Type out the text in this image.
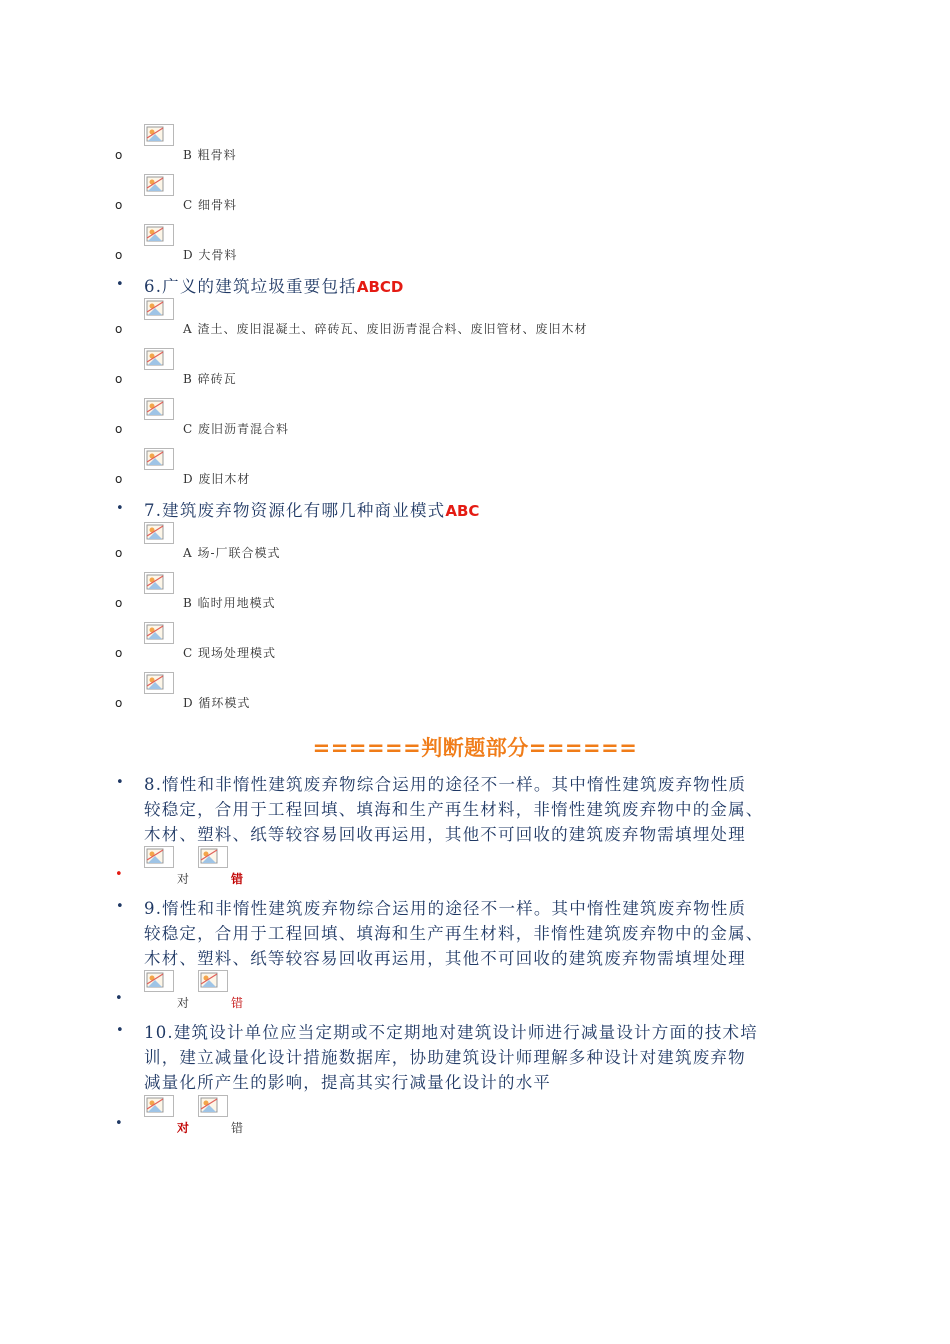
o	B 粗骨料
o	C 细骨料
o	D 大骨料
• 6.广义的建筑垃圾重要包括ABCD
o	A 渣土、废旧混凝土、碎砖瓦、废旧沥青混合料、废旧管材、废旧木材
o	B 碎砖瓦
o	C 废旧沥青混合料
o	D 废旧木材
• 7.建筑废弃物资源化有哪几种商业模式ABC
o	A 场-厂联合模式
o	B 临时用地模式
o	C 现场处理模式
o	D 循环模式
======判断题部分======
• 8.惰性和非惰性建筑废弃物综合运用的途径不一样。其中惰性建筑废弃物性质
较稳定，合用于工程回填、填海和生产再生材料，非惰性建筑废弃物中的金属、
木材、塑料、纸等较容易回收再运用，其他不可回收的建筑废弃物需填埋处理
•	对	错
• 9.惰性和非惰性建筑废弃物综合运用的途径不一样。其中惰性建筑废弃物性质
较稳定，合用于工程回填、填海和生产再生材料，非惰性建筑废弃物中的金属、
木材、塑料、纸等较容易回收再运用，其他不可回收的建筑废弃物需填埋处理
•	对	错
• 10.建筑设计单位应当定期或不定期地对建筑设计师进行减量设计方面的技术培
训，建立减量化设计措施数据库，协助建筑设计师理解多种设计对建筑废弃物
减量化所产生的影响，提高其实行减量化设计的水平
•	对	错
